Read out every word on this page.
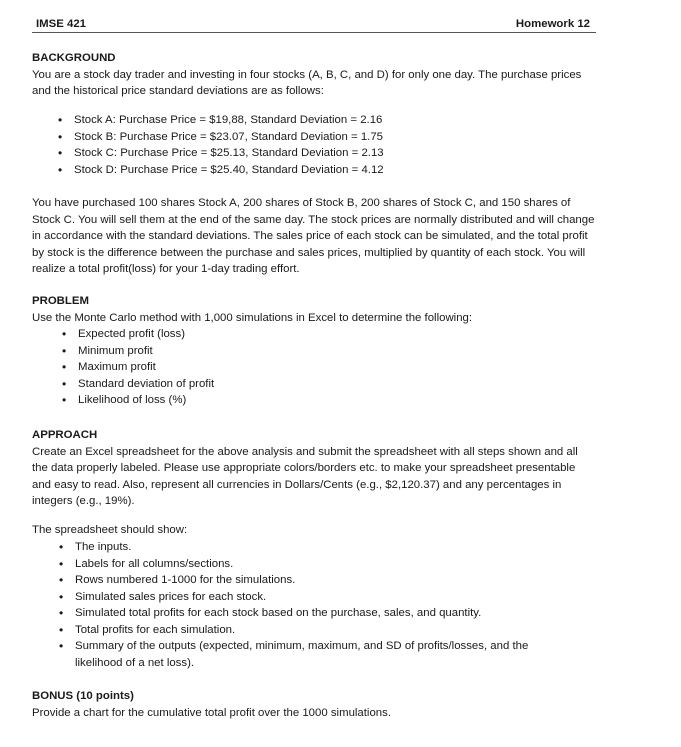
IMSE 421	Homework 12
BACKGROUND

You are a stock day trader and investing in four stocks (A, B, C, and D) for only one day. The purchase prices and the historical price standard deviations are as follows:

• Stock A: Purchase Price = $19,88, Standard Deviation = 2.16
• Stock B: Purchase Price = $23.07, Standard Deviation = 1.75
• Stock C: Purchase Price = $25.13, Standard Deviation = 2.13
• Stock D: Purchase Price = $25.40, Standard Deviation = 4.12

You have purchased 100 shares Stock A, 200 shares of Stock B, 200 shares of Stock C, and 150 shares of Stock C. You will sell them at the end of the same day. The stock prices are normally distributed and will change in accordance with the standard deviations. The sales price of each stock can be simulated, and the total profit by stock is the difference between the purchase and sales prices, multiplied by quantity of each stock. You will realize a total profit(loss) for your 1-day trading effort.

PROBLEM

Use the Monte Carlo method with 1,000 simulations in Excel to determine the following:

• Expected profit (loss)
• Minimum profit
• Maximum profit
• Standard deviation of profit
• Likelihood of loss (%)
APPROACH

Create an Excel spreadsheet for the above analysis and submit the spreadsheet with all steps shown and all the data properly labeled. Please use appropriate colors/borders etc. to make your spreadsheet presentable and easy to read. Also, represent all currencies in Dollars/Cents (e.g., $2,120.37) and any percentages in integers (e.g., 19%).

The spreadsheet should show:

• The inputs.
• Labels for all columns/sections.
• Rows numbered 1-1000 for the simulations.
• Simulated sales prices for each stock.
• Simulated total profits for each stock based on the purchase, sales, and quantity.
• Total profits for each simulation.
• Summary of the outputs (expected, minimum, maximum, and SD of profits/losses, and the likelihood of a net loss).
BONUS (10 points)

Provide a chart for the cumulative total profit over the 1000 simulations.
